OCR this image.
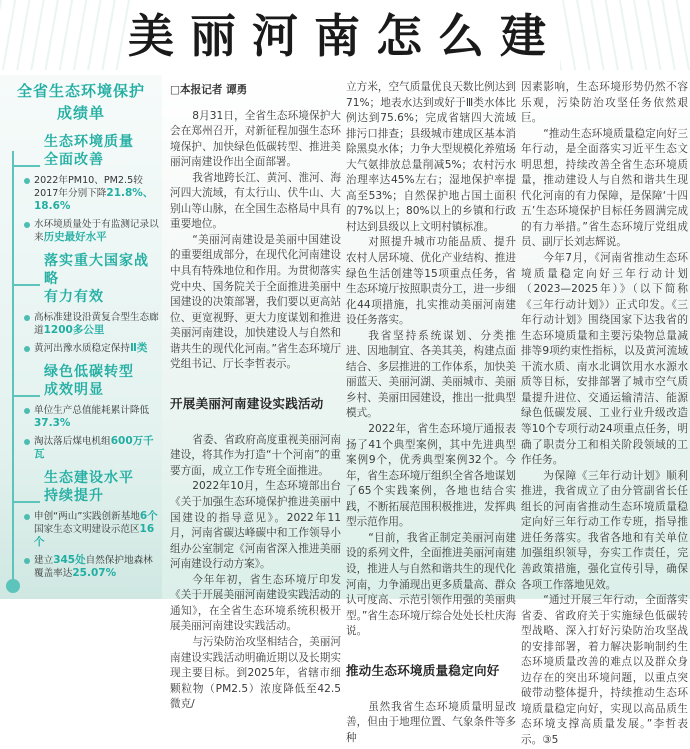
美丽河南怎么建
全省生态环境保护
成绩单
生态环境质量
全面改善
2022年PM10、PM2.5较2017年分别下降21.8%、18.6%
水环境质量处于有监测记录以来历史最好水平
落实重大国家战略
有力有效
高标准建设沿黄复合型生态廊道1200多公里
黄河出豫水质稳定保持Ⅱ类
绿色低碳转型
成效明显
单位生产总值能耗累计降低37.3%
淘汰落后煤电机组600万千瓦
生态建设水平
持续提升
申创“两山”实践创新基地6个国家生态文明建设示范区16个
建立345处自然保护地森林覆盖率达25.07%
□本报记者 谭勇

8月31日，全省生态环境保护大会在郑州召开，对新征程加强生态环境保护、加快绿色低碳转型、推进美丽河南建设作出全面部署。

我省地跨长江、黄河、淮河、海河四大流域，有太行山、伏牛山、大别山等山脉，在全国生态格局中具有重要地位。

“美丽河南建设是美丽中国建设的重要组成部分，在现代化河南建设中具有特殊地位和作用。为贯彻落实党中央、国务院关于全面推进美丽中国建设的决策部署，我们要以更高站位、更宽视野、更大力度谋划和推进美丽河南建设，加快建设人与自然和谐共生的现代化河南。”省生态环境厅党组书记、厅长李哲表示。

开展美丽河南建设实践活动

省委、省政府高度重视美丽河南建设，将其作为打造“十个河南”的重要方面，成立工作专班全面推进。

2022年10月，生态环境部出台《关于加强生态环境保护推进美丽中国建设的指导意见》。2022年11月，河南省碳达峰碳中和工作领导小组办公室制定《河南省深入推进美丽河南建设行动方案》。

今年年初，省生态环境厅印发《关于开展美丽河南建设实践活动的通知》，在全省生态环境系统积极开展美丽河南建设实践活动。

与污染防治攻坚相结合，美丽河南建设实践活动明确近期以及长期实现主要目标。到2025年，省辖市细颗粒物（PM2.5）浓度降低至42.5微克/

立方米，空气质量优良天数比例达到71%；地表水达到或好于Ⅲ类水体比例达到75.6%；完成省辖四大流域排污口排查；县级城市建成区基本消除黑臭水体；力争大型规模化养殖场大气氨排放总量削减5%；农村污水治理率达45%左右；湿地保护率提高至53%；自然保护地占国土面积的7%以上；80%以上的乡镇和行政村达到县级以上文明村镇标准。

对照提升城市功能品质、提升农村人居环境、优化产业结构、推进绿色生活创建等15项重点任务，省生态环境厅按照职责分工，进一步细化44项措施，扎实推动美丽河南建设任务落实。

我省坚持系统谋划、分类推进、因地制宜、各美其美，构建点面结合、多层推进的工作体系，加快美丽蓝天、美丽河湖、美丽城市、美丽乡村、美丽田园建设，推出一批典型模式。

2022年，省生态环境厅通报表扬了41个典型案例，其中先进典型案例9个，优秀典型案例32个。今年，省生态环境厅组织全省各地谋划了65个实践案例，各地也结合实践，不断拓展范围积极推进，发挥典型示范作用。

“目前，我省正制定美丽河南建设的系列文件，全面推进美丽河南建设，推进人与自然和谐共生的现代化河南，力争涌现出更多质量高、群众认可度高、示范引领作用强的美丽典型。”省生态环境厅综合处处长杜庆海说。

推动生态环境质量稳定向好

虽然我省生态环境质量明显改善，但由于地理位置、气象条件等多种

因素影响，生态环境形势仍然不容乐观，污染防治攻坚任务依然艰巨。

“推动生态环境质量稳定向好三年行动，是全面落实习近平生态文明思想，持续改善全省生态环境质量，推动建设人与自然和谐共生现代化河南的有力保障，是保障‘十四五’生态环境保护目标任务圆满完成的有力举措。”省生态环境厅党组成员、副厅长刘志辉说。

今年7月，《河南省推动生态环境质量稳定向好三年行动计划（2023—2025年）》（以下简称《三年行动计划》）正式印发。《三年行动计划》围绕国家下达我省的生态环境质量和主要污染物总量减排等9项约束性指标，以及黄河流域干流水质、南水北调饮用水水源水质等目标，安排部署了城市空气质量提升进位、交通运输清洁、能源绿色低碳发展、工业行业升级改造等10个专项行动24项重点任务，明确了职责分工和相关阶段领域的工作任务。

为保障《三年行动计划》顺利推进，我省成立了由分管副省长任组长的河南省推动生态环境质量稳定向好三年行动工作专班，指导推进任务落实。我省各地和有关单位加强组织领导，夯实工作责任，完善政策措施，强化宣传引导，确保各项工作落地见效。

“通过开展三年行动，全面落实省委、省政府关于实施绿色低碳转型战略、深入打好污染防治攻坚战的安排部署，着力解决影响制约生态环境质量改善的难点以及群众身边存在的突出环境问题，以重点突破带动整体提升，持续推动生态环境质量稳定向好，实现以高品质生态环境支撑高质量发展。”李哲表示。③5
